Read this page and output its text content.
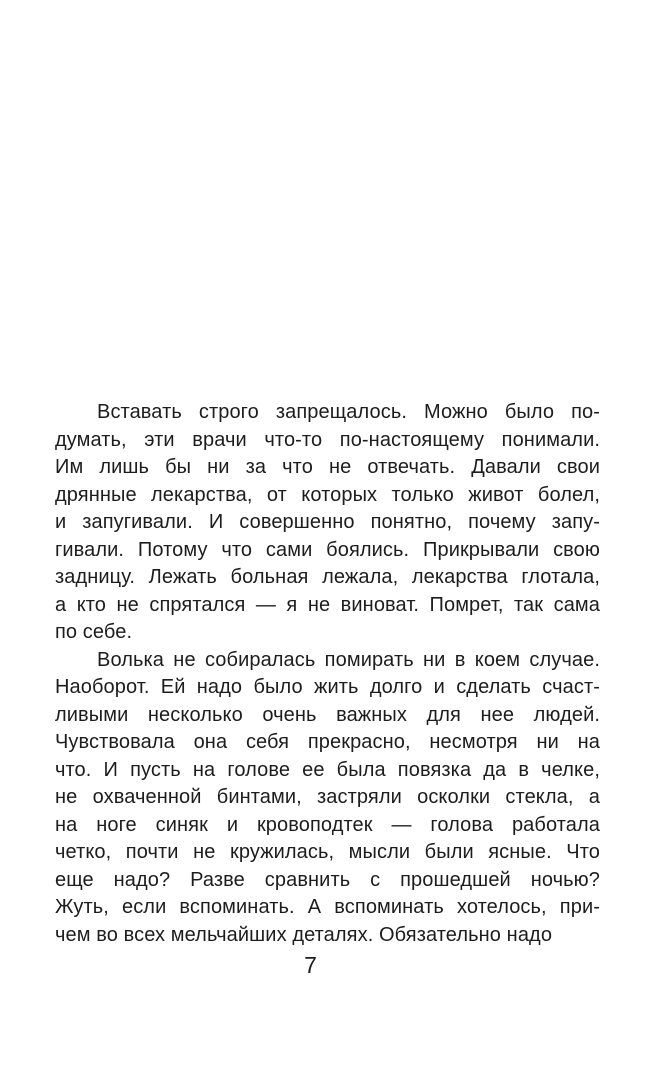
Вставать строго запрещалось. Можно было по-
думать, эти врачи что-то по-настоящему понимали.
Им лишь бы ни за что не отвечать. Давали свои
дрянные лекарства, от которых только живот болел,
и запугивали. И совершенно понятно, почему запу-
гивали. Потому что сами боялись. Прикрывали свою
задницу. Лежать больная лежала, лекарства глотала,
а кто не спрятался — я не виноват. Помрет, так сама
по себе.
Волька не собиралась помирать ни в коем случае.
Наоборот. Ей надо было жить долго и сделать счаст-
ливыми несколько очень важных для нее людей.
Чувствовала она себя прекрасно, несмотря ни на
что. И пусть на голове ее была повязка да в челке,
не охваченной бинтами, застряли осколки стекла, а
на ноге синяк и кровоподтек — голова работала
четко, почти не кружилась, мысли были ясные. Что
еще надо? Разве сравнить с прошедшей ночью?
Жуть, если вспоминать. А вспоминать хотелось, при-
чем во всех мельчайших деталях. Обязательно надо
7
